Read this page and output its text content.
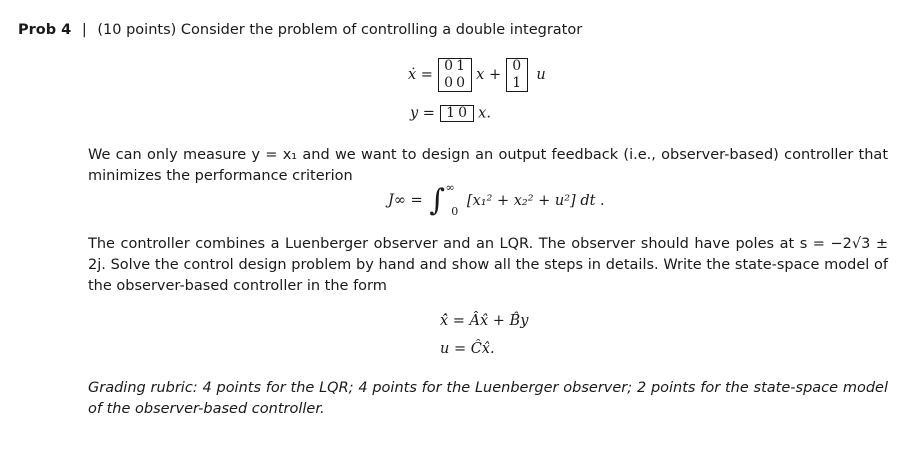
Prob 4 | (10 points) Consider the problem of controlling a double integrator
ẋ =
0 1
0 0 x +
0
1 u
y = 1 0 x.
We can only measure y = x₁ and we want to design an output feedback (i.e., observer-based) controller that minimizes the performance criterion
J∞ = ∫ ∞ $_0$ [x₁² + x₂² + u²] dt .
The controller combines a Luenberger observer and an LQR. The observer should have poles at s = −2√3 ± 2j. Solve the control design problem by hand and show all the steps in details. Write the state-space model of the observer-based controller in the form
x̂̇ = Âx̂ + B̂y
u = Ĉx̂.
Grading rubric: 4 points for the LQR; 4 points for the Luenberger observer; 2 points for the state-space model of the observer-based controller.
